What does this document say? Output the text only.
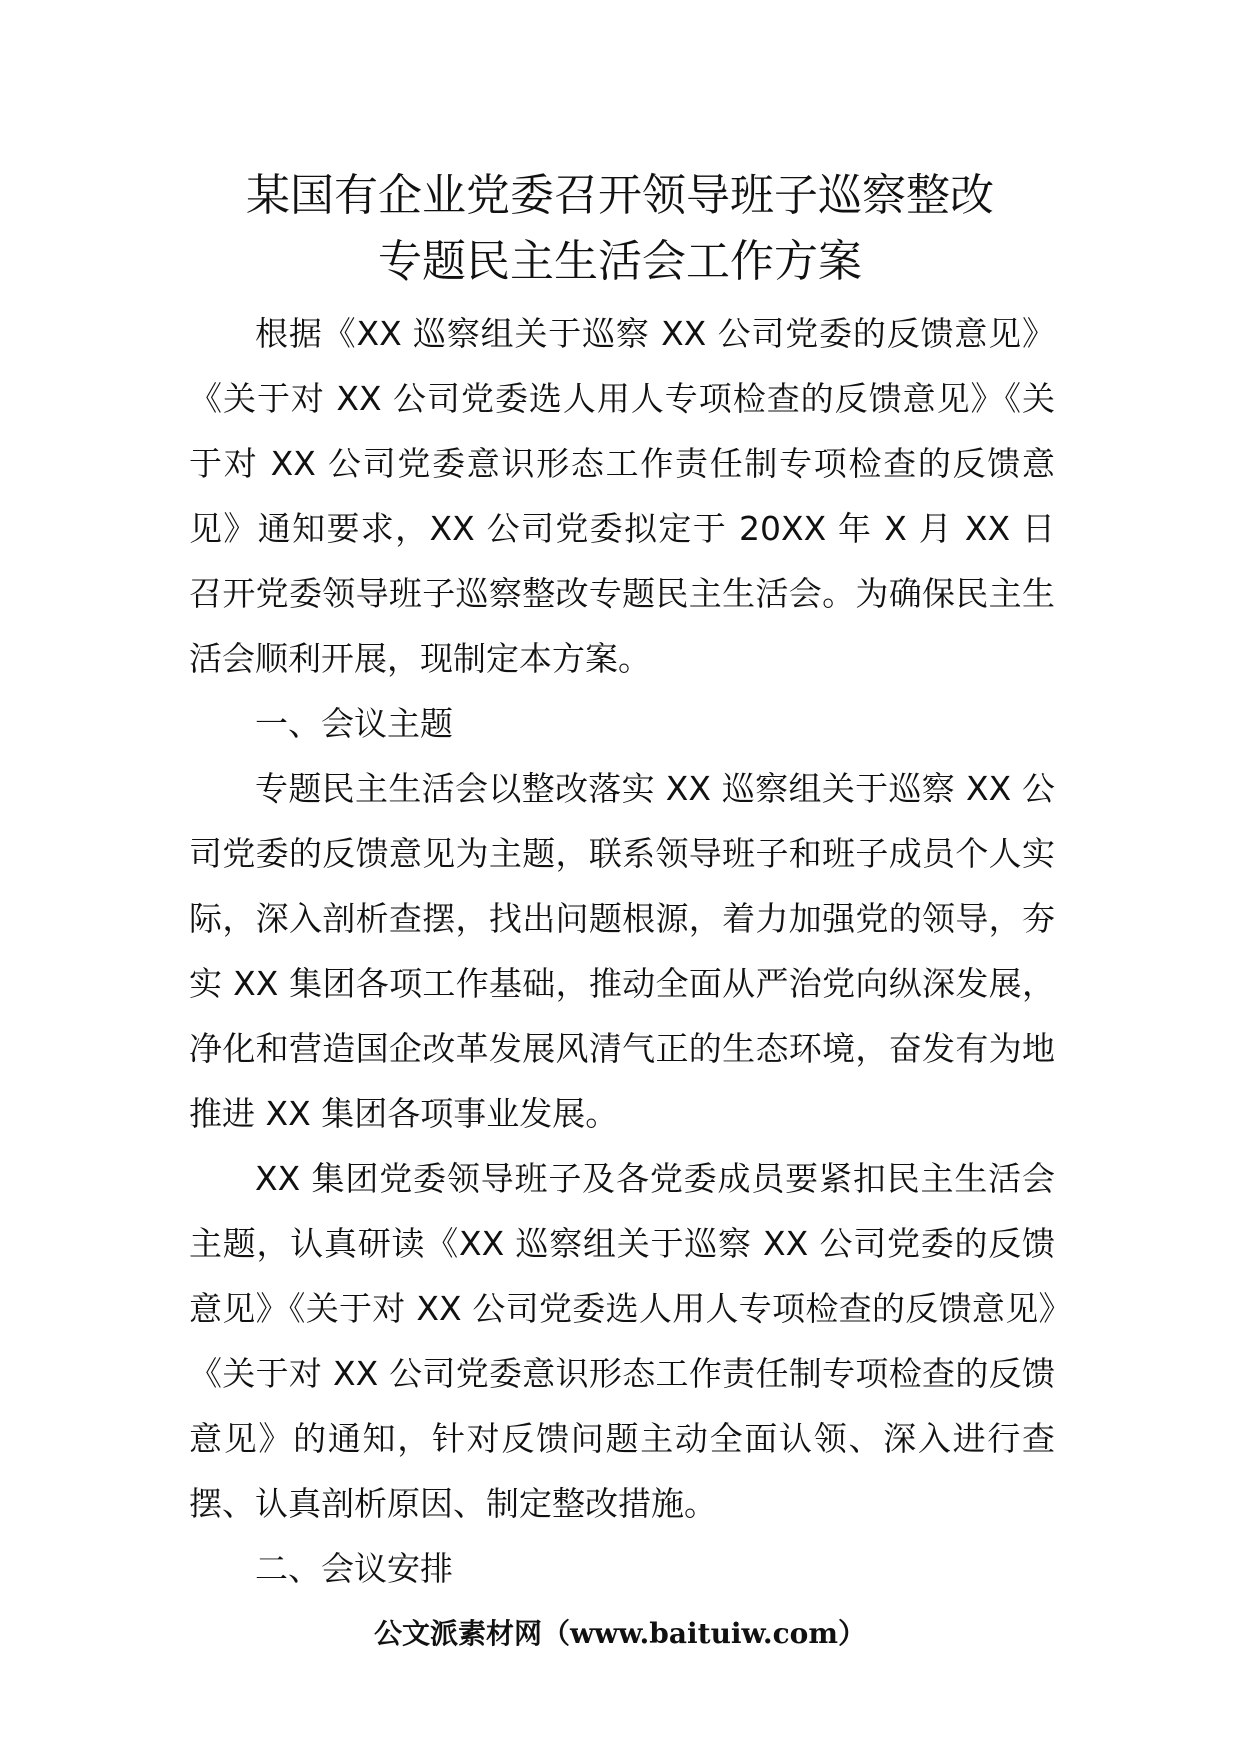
某国有企业党委召开领导班子巡察整改
专题民主生活会工作方案

根据《XX 巡察组关于巡察 XX 公司党委的反馈意见》《关于对 XX 公司党委选人用人专项检查的反馈意见》《关于对 XX 公司党委意识形态工作责任制专项检查的反馈意见》通知要求，XX 公司党委拟定于 20XX 年 X 月 XX 日召开党委领导班子巡察整改专题民主生活会。为确保民主生活会顺利开展，现制定本方案。

一、会议主题

专题民主生活会以整改落实 XX 巡察组关于巡察 XX 公司党委的反馈意见为主题，联系领导班子和班子成员个人实际，深入剖析查摆，找出问题根源，着力加强党的领导，夯实 XX 集团各项工作基础，推动全面从严治党向纵深发展，净化和营造国企改革发展风清气正的生态环境，奋发有为地推进 XX 集团各项事业发展。

XX 集团党委领导班子及各党委成员要紧扣民主生活会主题，认真研读《XX 巡察组关于巡察 XX 公司党委的反馈意见》《关于对 XX 公司党委选人用人专项检查的反馈意见》《关于对 XX 公司党委意识形态工作责任制专项检查的反馈意见》的通知，针对反馈问题主动全面认领、深入进行查摆、认真剖析原因、制定整改措施。

二、会议安排

公文派素材网（www.baituiw.com）
